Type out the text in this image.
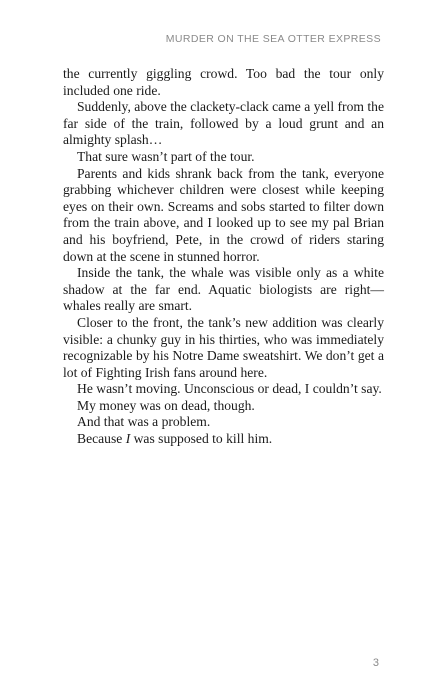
MURDER ON THE SEA OTTER EXPRESS

the currently giggling crowd. Too bad the tour only included one ride.

Suddenly, above the clackety-clack came a yell from the far side of the train, followed by a loud grunt and an almighty splash…

That sure wasn’t part of the tour.

Parents and kids shrank back from the tank, everyone grabbing whichever children were closest while keeping eyes on their own. Screams and sobs started to filter down from the train above, and I looked up to see my pal Brian and his boyfriend, Pete, in the crowd of riders staring down at the scene in stunned horror.

Inside the tank, the whale was visible only as a white shadow at the far end. Aquatic biologists are right—whales really are smart.

Closer to the front, the tank’s new addition was clearly visible: a chunky guy in his thirties, who was immediately recognizable by his Notre Dame sweatshirt. We don’t get a lot of Fighting Irish fans around here.

He wasn’t moving. Unconscious or dead, I couldn’t say.

My money was on dead, though.

And that was a problem.

Because I was supposed to kill him.

3
